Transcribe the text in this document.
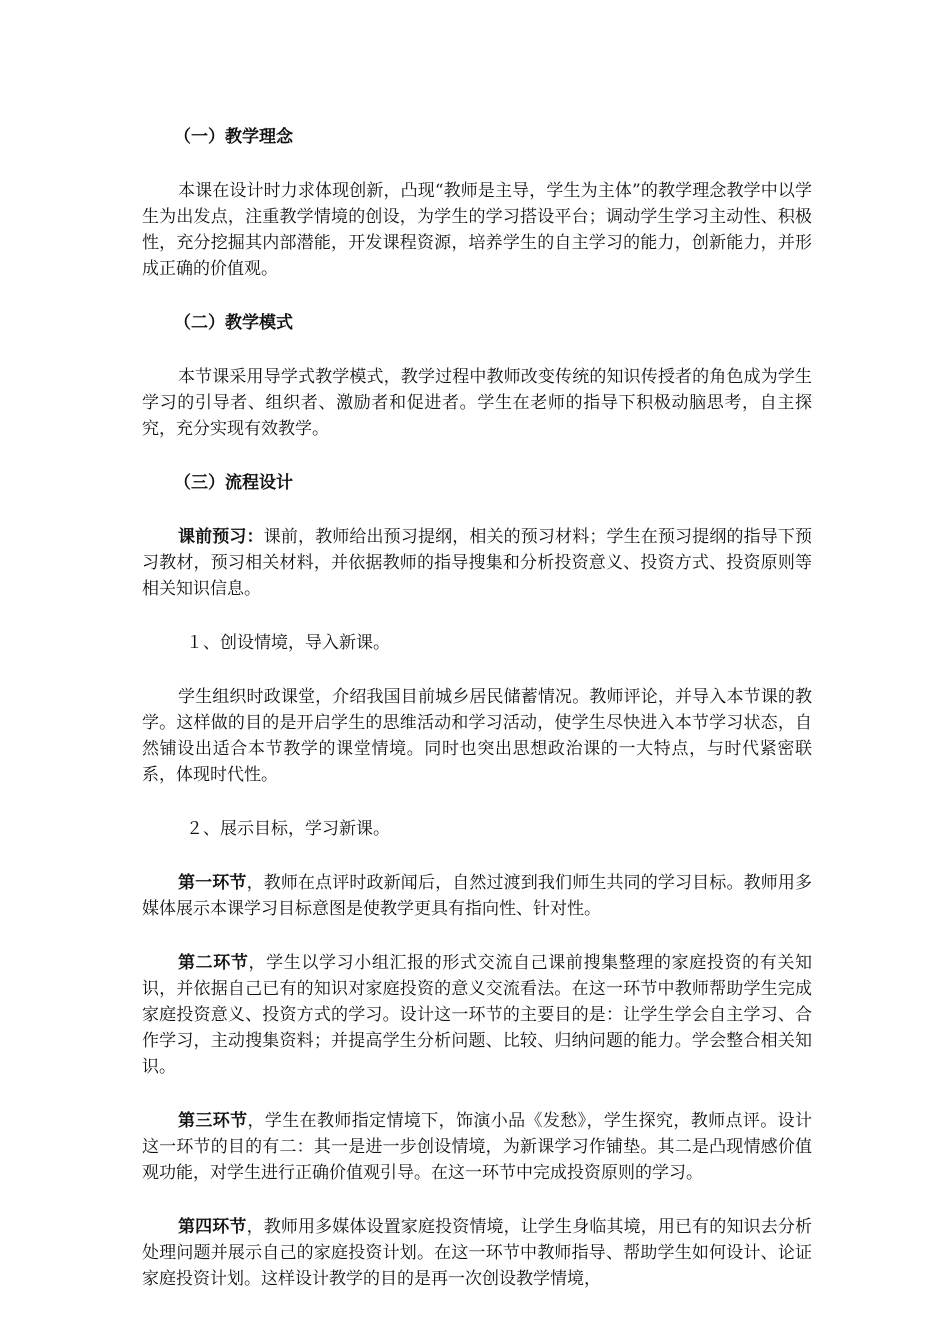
（一）教学理念
本课在设计时力求体现创新，凸现“教师是主导，学生为主体”的教学理念教学中以学生为出发点，注重教学情境的创设，为学生的学习搭设平台；调动学生学习主动性、积极性，充分挖掘其内部潜能，开发课程资源，培养学生的自主学习的能力，创新能力，并形成正确的价值观。
（二）教学模式
本节课采用导学式教学模式，教学过程中教师改变传统的知识传授者的角色成为学生学习的引导者、组织者、激励者和促进者。学生在老师的指导下积极动脑思考，自主探究，充分实现有效教学。
（三）流程设计
课前预习：课前，教师给出预习提纲，相关的预习材料；学生在预习提纲的指导下预习教材，预习相关材料，并依据教师的指导搜集和分析投资意义、投资方式、投资原则等相关知识信息。
１、创设情境，导入新课。
学生组织时政课堂，介绍我国目前城乡居民储蓄情况。教师评论，并导入本节课的教学。这样做的目的是开启学生的思维活动和学习活动，使学生尽快进入本节学习状态，自然铺设出适合本节教学的课堂情境。同时也突出思想政治课的一大特点，与时代紧密联系，体现时代性。
２、展示目标，学习新课。
第一环节，教师在点评时政新闻后，自然过渡到我们师生共同的学习目标。教师用多媒体展示本课学习目标意图是使教学更具有指向性、针对性。
第二环节，学生以学习小组汇报的形式交流自己课前搜集整理的家庭投资的有关知识，并依据自己已有的知识对家庭投资的意义交流看法。在这一环节中教师帮助学生完成家庭投资意义、投资方式的学习。设计这一环节的主要目的是：让学生学会自主学习、合作学习，主动搜集资料；并提高学生分析问题、比较、归纳问题的能力。学会整合相关知识。
第三环节，学生在教师指定情境下，饰演小品《发愁》，学生探究，教师点评。设计这一环节的目的有二：其一是进一步创设情境，为新课学习作铺垫。其二是凸现情感价值观功能，对学生进行正确价值观引导。在这一环节中完成投资原则的学习。
第四环节，教师用多媒体设置家庭投资情境，让学生身临其境，用已有的知识去分析处理问题并展示自己的家庭投资计划。在这一环节中教师指导、帮助学生如何设计、论证家庭投资计划。这样设计教学的目的是再一次创设教学情境，
